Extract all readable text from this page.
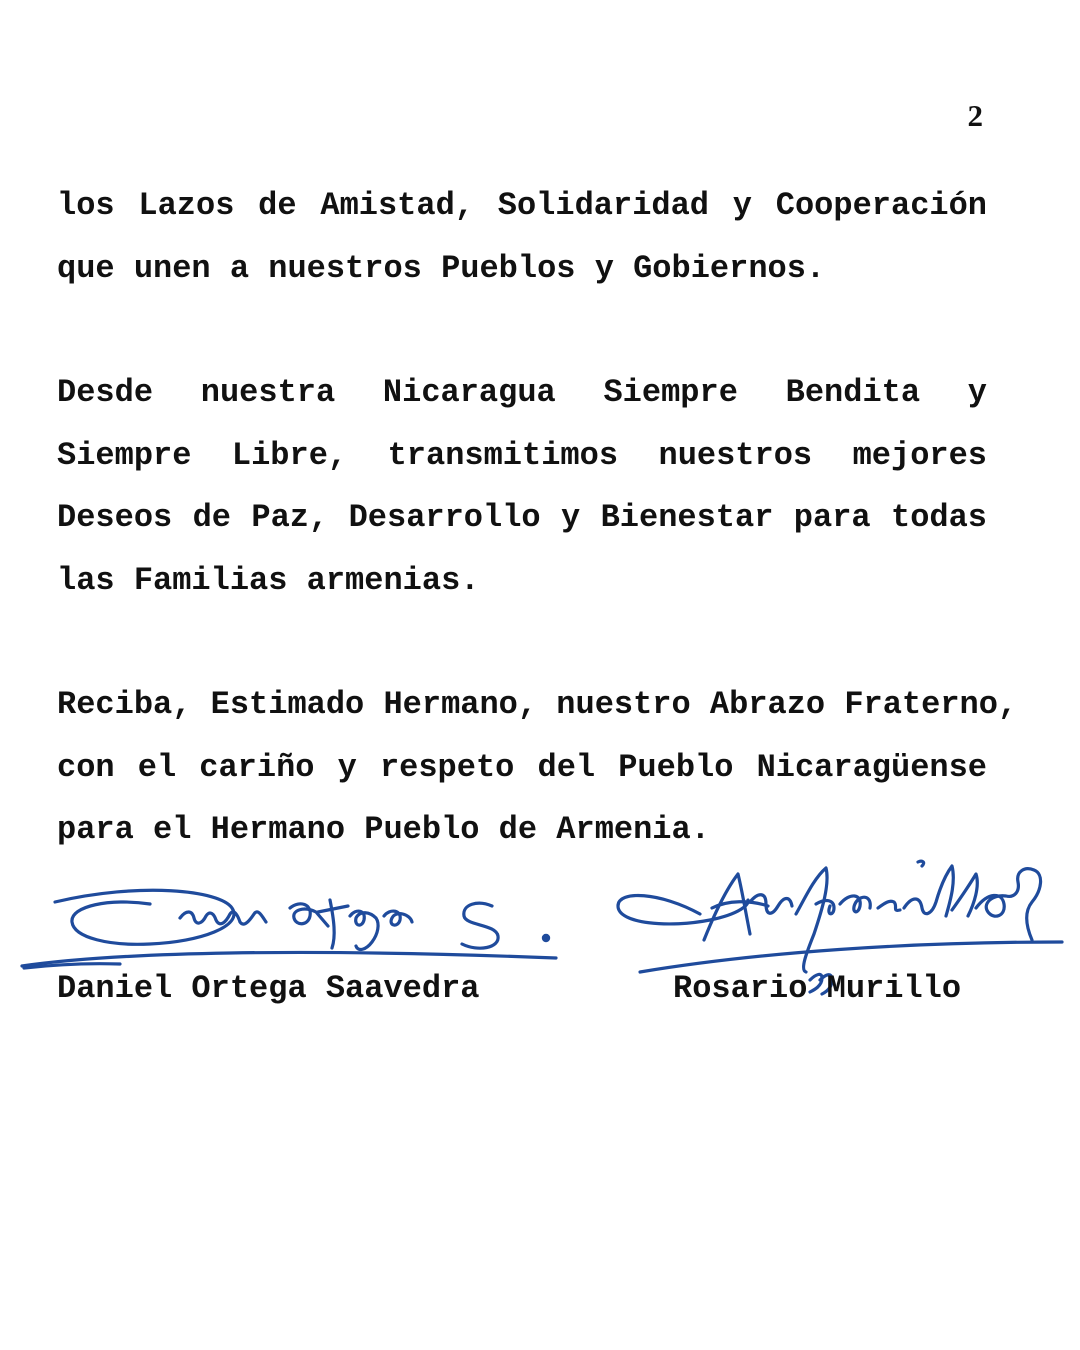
2
los Lazos de Amistad, Solidaridad y Cooperación
que unen a nuestros Pueblos y Gobiernos.
Desde nuestra Nicaragua Siempre Bendita y
Siempre Libre, transmitimos nuestros mejores
Deseos de Paz, Desarrollo y Bienestar para todas
las Familias armenias.
Reciba, Estimado Hermano, nuestro Abrazo Fraterno,
con el cariño y respeto del Pueblo Nicaragüense
para el Hermano Pueblo de Armenia.
Daniel Ortega Saavedra	Rosario Murillo
